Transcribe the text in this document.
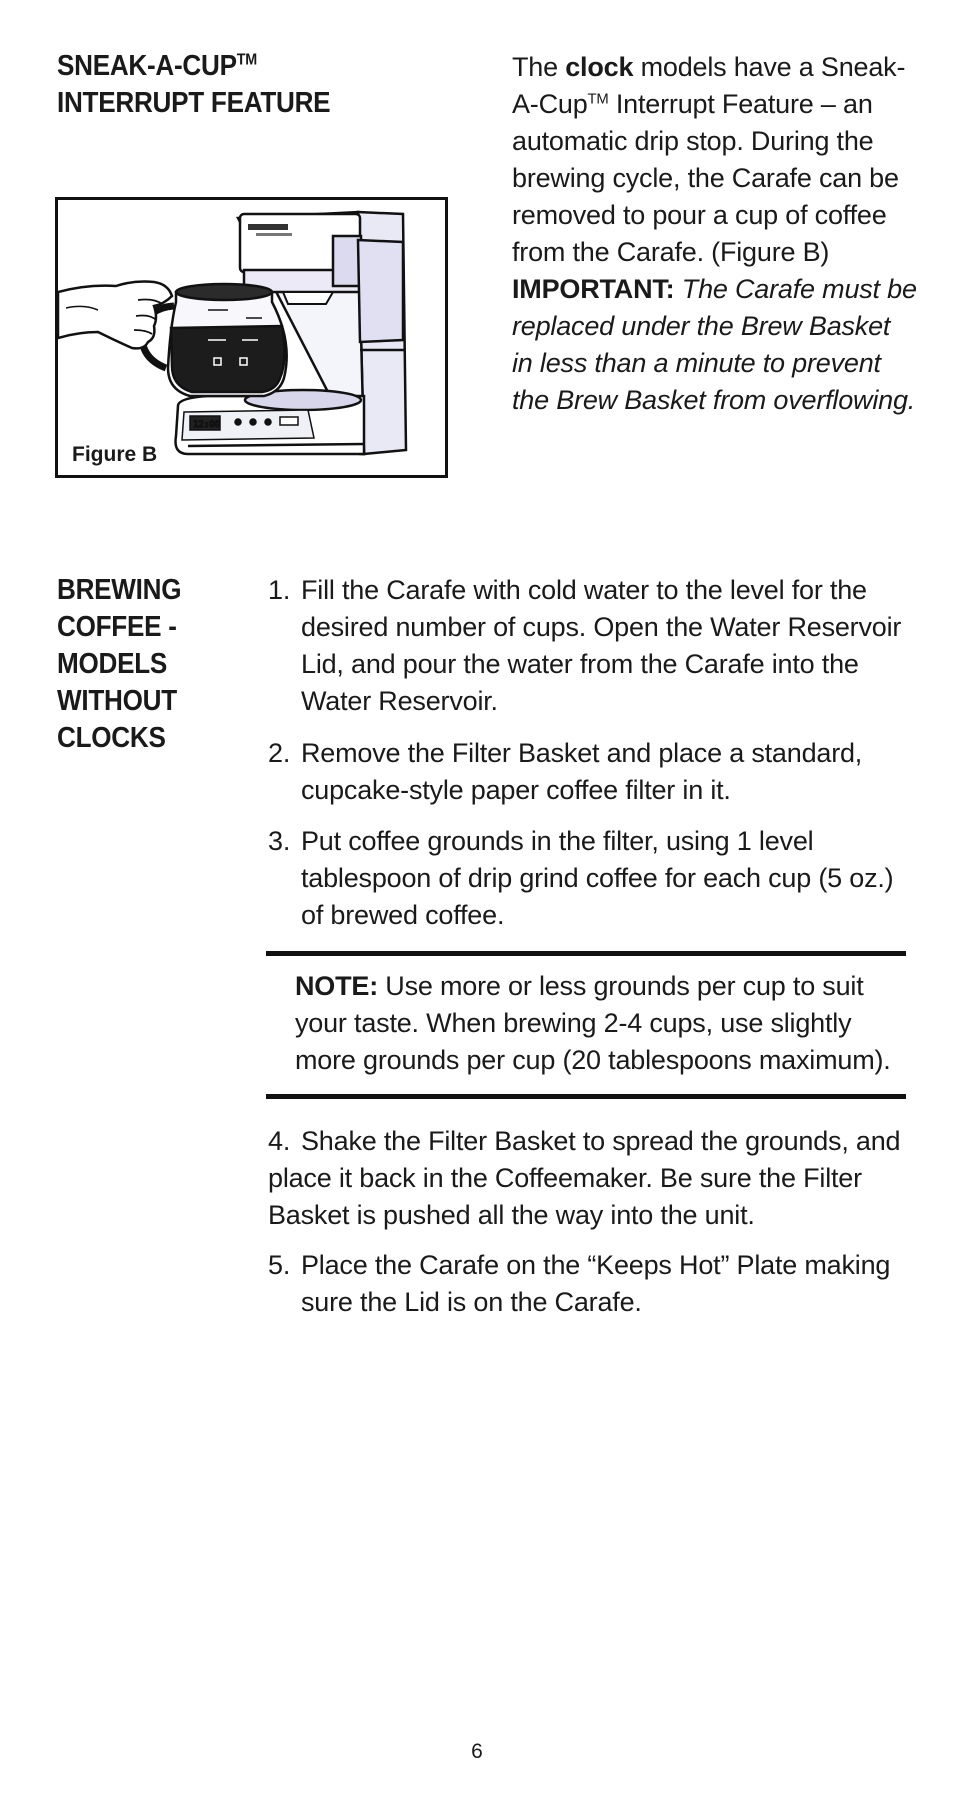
SNEAK-A-CUP™
INTERRUPT FEATURE
The clock models have a Sneak-A-Cup™ Interrupt Feature – an automatic drip stop. During the brewing cycle, the Carafe can be removed to pour a cup of coffee from the Carafe. (Figure B) IMPORTANT: The Carafe must be replaced under the Brew Basket in less than a minute to prevent the Brew Basket from overflowing.
12:00
Figure B
BREWING
COFFEE -
MODELS
WITHOUT
CLOCKS
1. Fill the Carafe with cold water to the level for the desired number of cups. Open the Water Reservoir Lid, and pour the water from the Carafe into the Water Reservoir.
2. Remove the Filter Basket and place a standard, cupcake-style paper coffee filter in it.
3. Put coffee grounds in the filter, using 1 level tablespoon of drip grind coffee for each cup (5 oz.) of brewed coffee.
NOTE: Use more or less grounds per cup to suit your taste. When brewing 2-4 cups, use slightly more grounds per cup (20 tablespoons maximum).
4. Shake the Filter Basket to spread the grounds, and place it back in the Coffeemaker. Be sure the Filter Basket is pushed all the way into the unit.
5. Place the Carafe on the “Keeps Hot” Plate making sure the Lid is on the Carafe.
6
